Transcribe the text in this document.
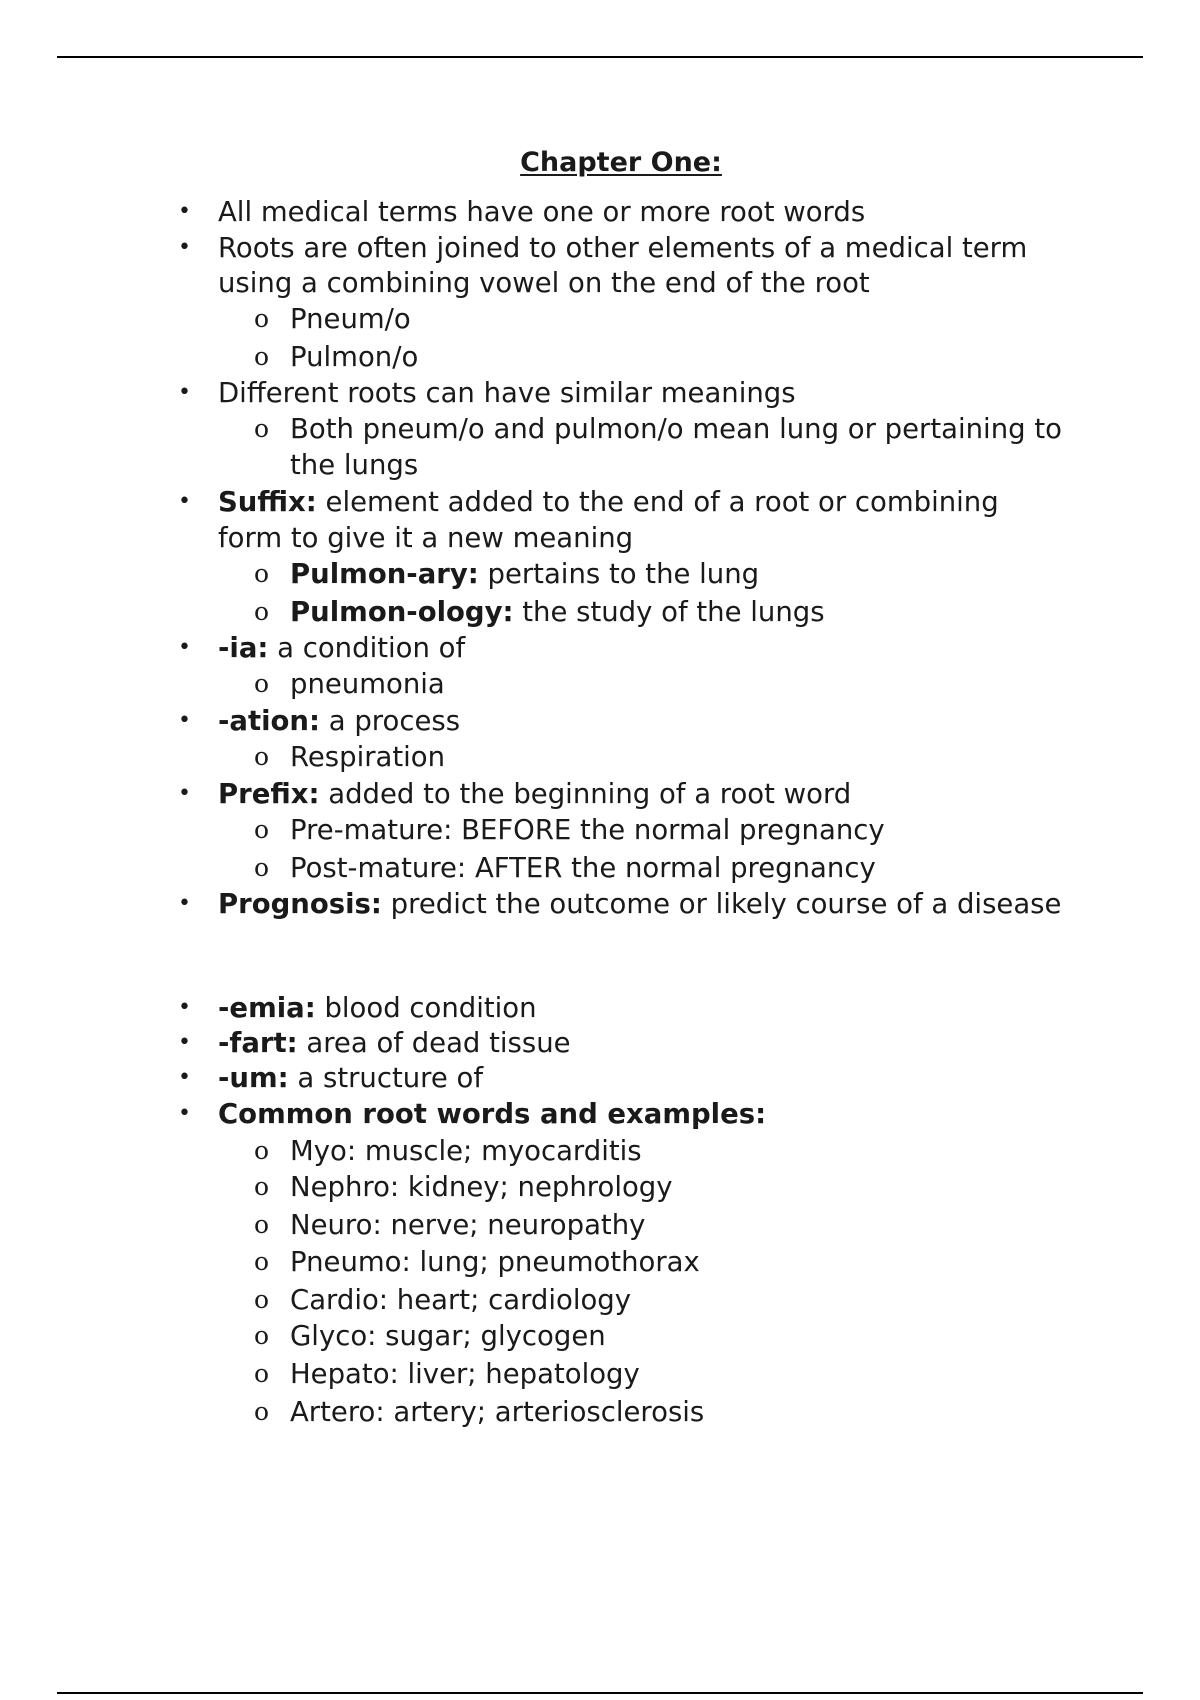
Chapter One:
• All medical terms have one or more root words
• Roots are often joined to other elements of a medical term
using a combining vowel on the end of the root
o Pneum/o
o Pulmon/o
• Different roots can have similar meanings
o Both pneum/o and pulmon/o mean lung or pertaining to
the lungs
• Suffix: element added to the end of a root or combining
form to give it a new meaning
o Pulmon-ary: pertains to the lung
o Pulmon-ology: the study of the lungs
• -ia: a condition of
o pneumonia
• -ation: a process
o Respiration
• Prefix: added to the beginning of a root word
o Pre-mature: BEFORE the normal pregnancy
o Post-mature: AFTER the normal pregnancy
• Prognosis: predict the outcome or likely course of a disease
• -emia: blood condition
• -fart: area of dead tissue
• -um: a structure of
• Common root words and examples:
o Myo: muscle; myocarditis
o Nephro: kidney; nephrology
o Neuro: nerve; neuropathy
o Pneumo: lung; pneumothorax
o Cardio: heart; cardiology
o Glyco: sugar; glycogen
o Hepato: liver; hepatology
o Artero: artery; arteriosclerosis
